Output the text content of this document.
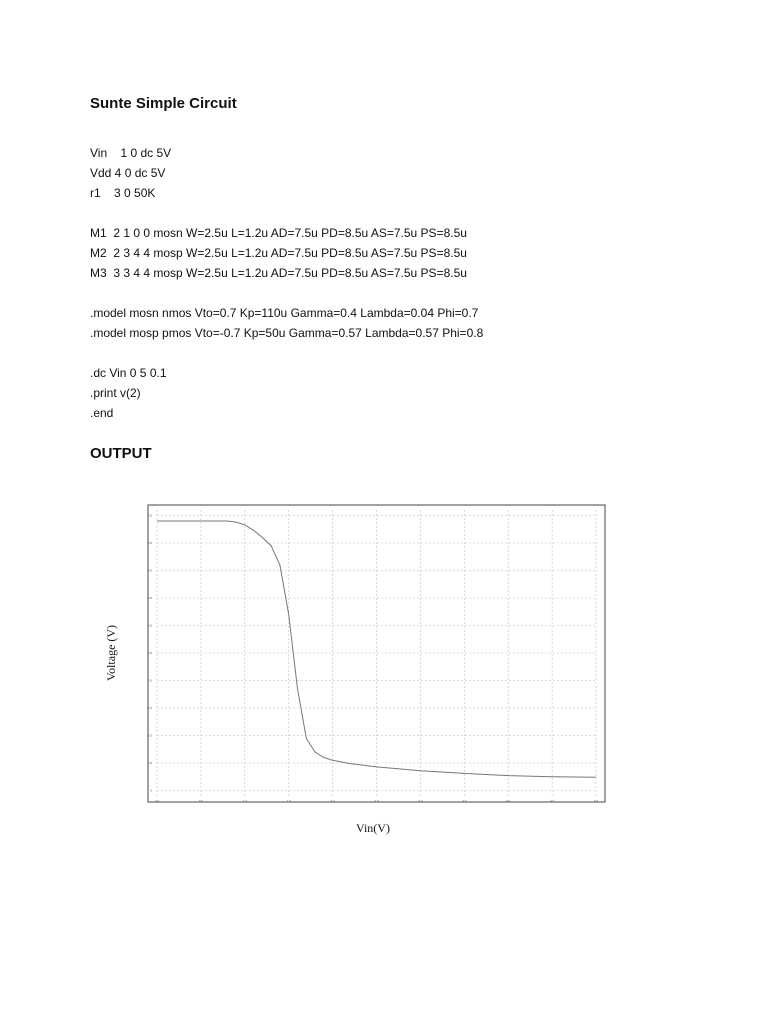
Sunte Simple Circuit
Vin    1 0 dc 5V
Vdd 4 0 dc 5V
r1    3 0 50K
M1  2 1 0 0 mosn W=2.5u L=1.2u AD=7.5u PD=8.5u AS=7.5u PS=8.5u
M2  2 3 4 4 mosp W=2.5u L=1.2u AD=7.5u PD=8.5u AS=7.5u PS=8.5u
M3  3 3 4 4 mosp W=2.5u L=1.2u AD=7.5u PD=8.5u AS=7.5u PS=8.5u
.model mosn nmos Vto=0.7 Kp=110u Gamma=0.4 Lambda=0.04 Phi=0.7
.model mosp pmos Vto=-0.7 Kp=50u Gamma=0.57 Lambda=0.57 Phi=0.8
.dc Vin 0 5 0.1
.print v(2)
.end
OUTPUT
0.0	0.5	1.0	1.5	2.0	2.5	3.0	3.5	4.0	4.5	5.0
0
0.5
1.0
1.5
2.0
2.5
3.0
3.5
4.0
4.5
5.0
Voltage (V)
Vin(V)
